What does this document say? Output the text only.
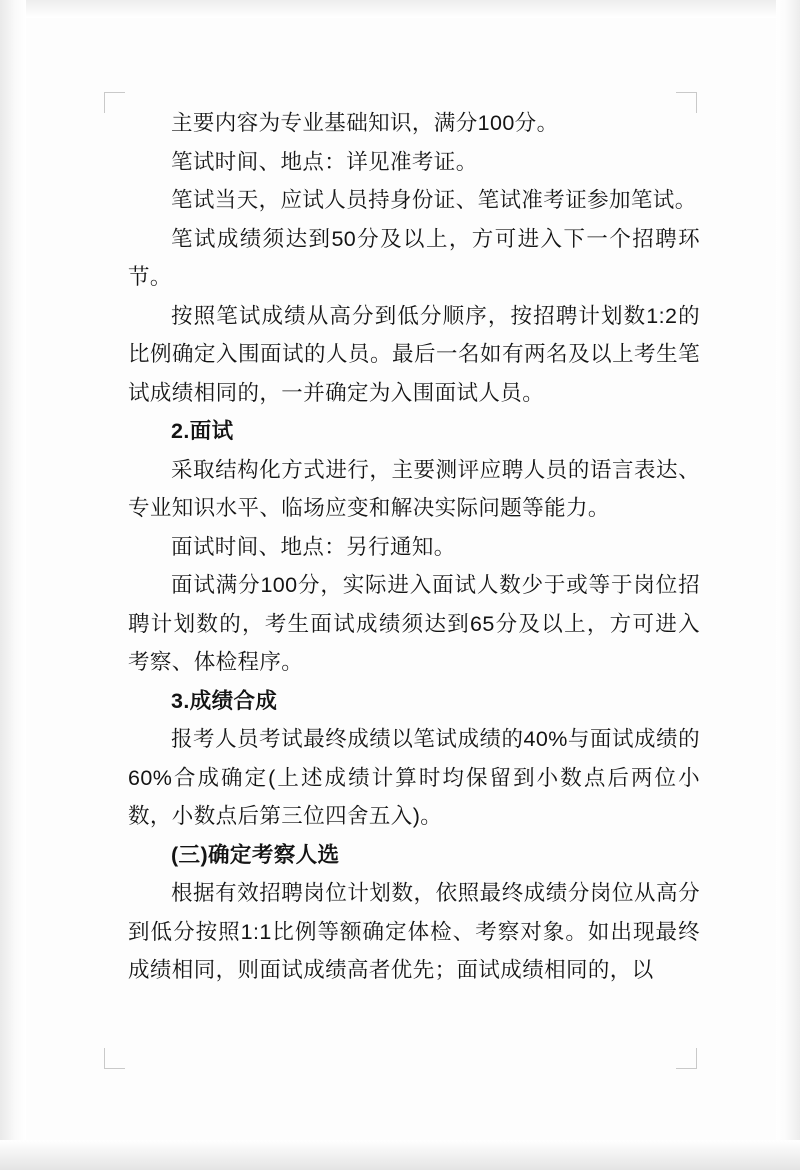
主要内容为专业基础知识，满分100分。

笔试时间、地点：详见准考证。

笔试当天，应试人员持身份证、笔试准考证参加笔试。

笔试成绩须达到50分及以上，方可进入下一个招聘环节。

按照笔试成绩从高分到低分顺序，按招聘计划数1:2的比例确定入围面试的人员。最后一名如有两名及以上考生笔试成绩相同的，一并确定为入围面试人员。

2.面试

采取结构化方式进行，主要测评应聘人员的语言表达、专业知识水平、临场应变和解决实际问题等能力。

面试时间、地点：另行通知。

面试满分100分，实际进入面试人数少于或等于岗位招聘计划数的，考生面试成绩须达到65分及以上，方可进入考察、体检程序。

3.成绩合成

报考人员考试最终成绩以笔试成绩的40%与面试成绩的60%合成确定(上述成绩计算时均保留到小数点后两位小数，小数点后第三位四舍五入)。

(三)确定考察人选

根据有效招聘岗位计划数，依照最终成绩分岗位从高分到低分按照1:1比例等额确定体检、考察对象。如出现最终成绩相同，则面试成绩高者优先；面试成绩相同的，以
